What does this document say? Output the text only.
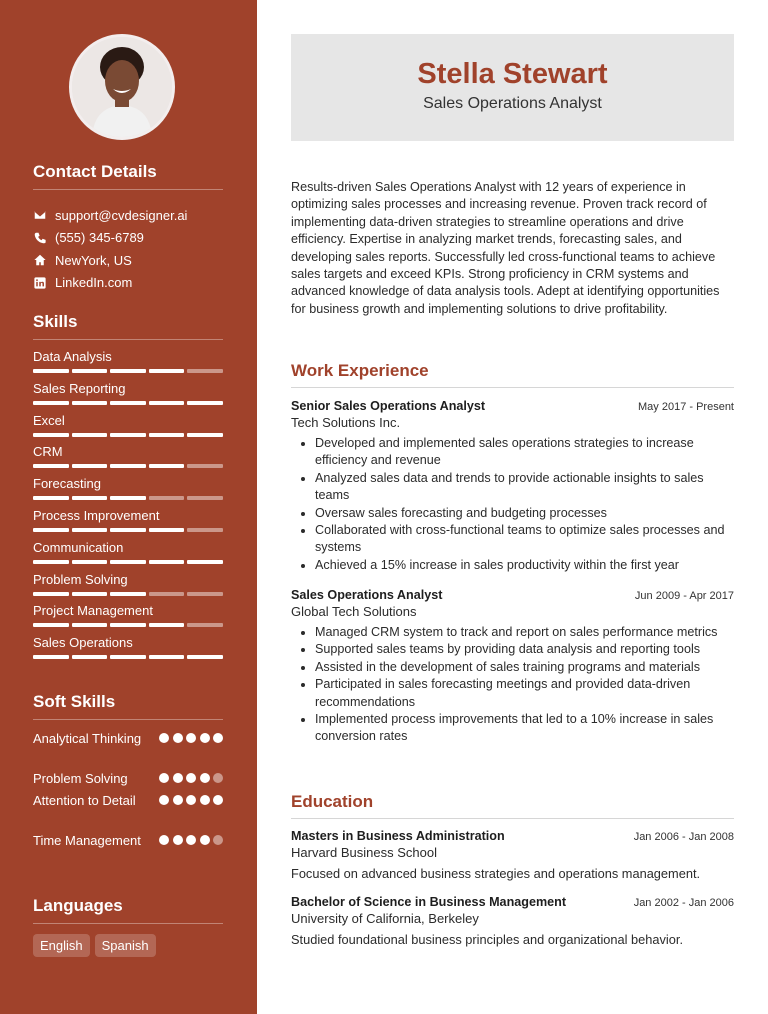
Contact Details
support@cvdesigner.ai
(555) 345-6789
NewYork, US
LinkedIn.com
Skills
Data Analysis
Sales Reporting
Excel
CRM
Forecasting
Process Improvement
Communication
Problem Solving
Project Management
Sales Operations
Soft Skills
Analytical Thinking
Problem Solving
Attention to Detail
Time Management
Languages
English	Spanish
Stella Stewart
Sales Operations Analyst

Results-driven Sales Operations Analyst with 12 years of experience in optimizing sales processes and increasing revenue. Proven track record of implementing data-driven strategies to streamline operations and drive efficiency. Expertise in analyzing market trends, forecasting sales, and developing sales reports. Successfully led cross-functional teams to achieve sales targets and exceed KPIs. Strong proficiency in CRM systems and advanced knowledge of data analysis tools. Adept at identifying opportunities for business growth and implementing solutions to drive profitability.

Work Experience
Senior Sales Operations Analyst	May 2017 - Present
Tech Solutions Inc.
• Developed and implemented sales operations strategies to increase efficiency and revenue
• Analyzed sales data and trends to provide actionable insights to sales teams
• Oversaw sales forecasting and budgeting processes
• Collaborated with cross-functional teams to optimize sales processes and systems
• Achieved a 15% increase in sales productivity within the first year
Sales Operations Analyst	Jun 2009 - Apr 2017
Global Tech Solutions
• Managed CRM system to track and report on sales performance metrics
• Supported sales teams by providing data analysis and reporting tools
• Assisted in the development of sales training programs and materials
• Participated in sales forecasting meetings and provided data-driven recommendations
• Implemented process improvements that led to a 10% increase in sales conversion rates
Education
Masters in Business Administration	Jan 2006 - Jan 2008
Harvard Business School
Focused on advanced business strategies and operations management.
Bachelor of Science in Business Management	Jan 2002 - Jan 2006
University of California, Berkeley
Studied foundational business principles and organizational behavior.
